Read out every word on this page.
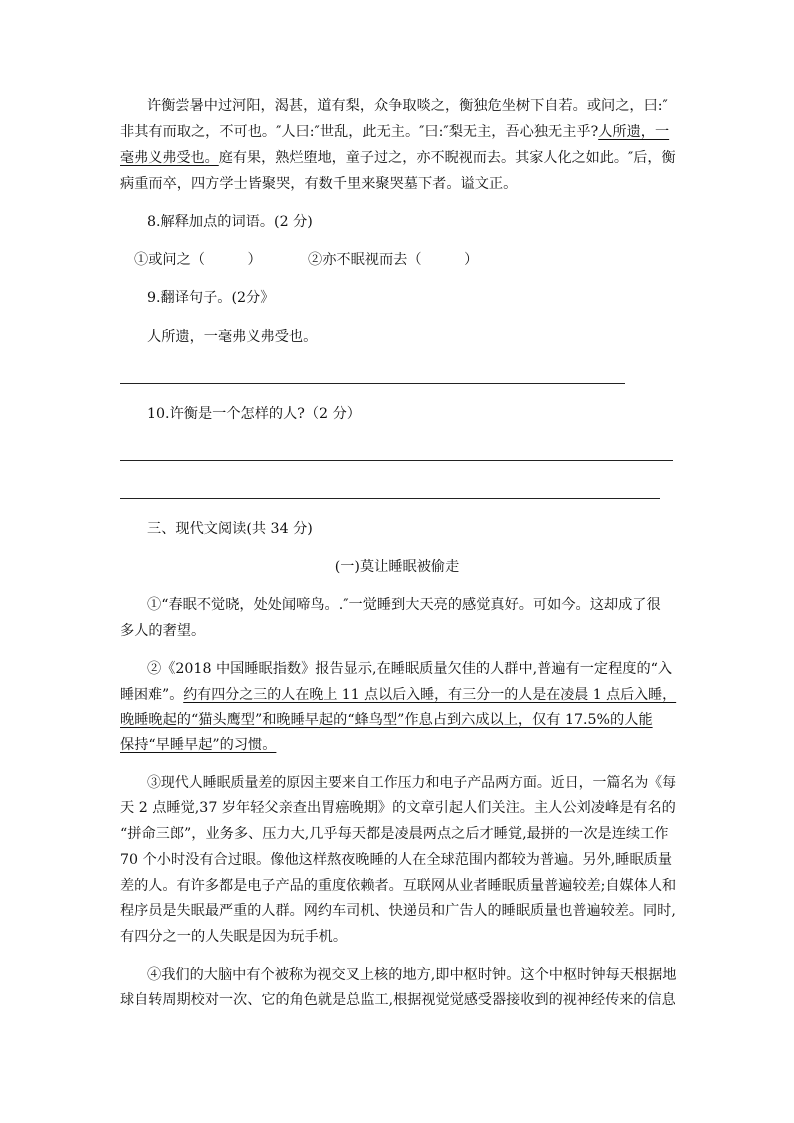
许衡尝暑中过河阳，渴甚，道有梨，众争取啖之，衡独危坐树下自若。或问之，曰:″
非其有而取之，不可也。″人曰:″世乱，此无主。″曰:″梨无主，吾心独无主乎?人所遗，一
毫弗义弗受也。庭有果，熟烂堕地，童子过之，亦不睨视而去。其家人化之如此。″后，衡
病重而卒，四方学士皆聚哭，有数千里来聚哭墓下者。谥文正。
8.解释加点的词语。(2 分)
①或问之（　　　）	②亦不眠视而去（　　　）
9.翻译句子。(2分》
人所遗，一毫弗义弗受也。
10.许衡是一个怎样的人?（2 分）
三、现代文阅读(共 34 分)
(一)莫让睡眠被偷走
①“春眠不觉晓，处处闻啼鸟。.″一觉睡到大天亮的感觉真好。可如今。这却成了很
多人的奢望。
②《2018 中国睡眠指数》报告显示,在睡眠质量欠佳的人群中,普遍有一定程度的“入
睡困难”。约有四分之三的人在晚上 11 点以后入睡，有三分一的人是在凌晨 1 点后入睡，
晚睡晚起的“猫头鹰型”和晚睡早起的“蜂鸟型”作息占到六成以上，仅有 17.5%的人能
保持“早睡早起”的习惯。
③现代人睡眠质量差的原因主要来自工作压力和电子产品两方面。近日，一篇名为《每
天 2 点睡觉,37 岁年轻父亲查出胃癌晚期》的文章引起人们关注。主人公刘凌峰是有名的
“拼命三郎”，业务多、压力大,几乎每天都是凌晨两点之后才睡覚,最拼的一次是连续工作
70 个小时没有合过眼。像他这样熬夜晚睡的人在全球范围内都较为普遍。另外,睡眠质量
差的人。有许多都是电子产品的重度依赖者。互联网从业者睡眠质量普遍较差;自媒体人和
程序员是失眠最严重的人群。网约车司机、快递员和广告人的睡眠质量也普遍较差。同时,
有四分之一的人失眠是因为玩手机。
④我们的大脑中有个被称为视交叉上核的地方,即中枢时钟。这个中枢时钟每天根据地
球自转周期校对一次、它的角色就是总监工,根据视觉觉感受器接收到的视神经传来的信息
